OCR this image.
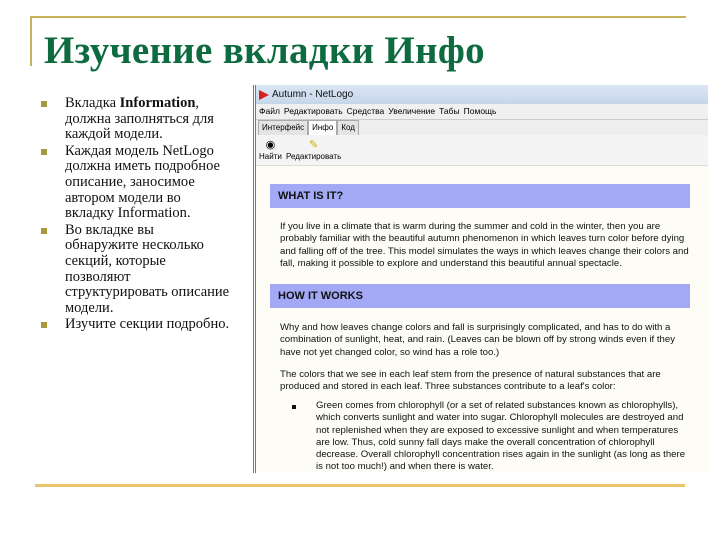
Изучение вкладки Инфо
Вкладка Information, должна заполняться для каждой модели.
Каждая модель NetLogo должна иметь подробное описание, заносимое автором модели во вкладку Information.
Во вкладке вы обнаружите несколько секций, которые позволяют структурировать описание модели.
Изучите секции подробно.
Autumn - NetLogo
Файл Редактировать Средства Увеличение Табы Помощь
Интерфейс Инфо Код
◉
Найти
✎
Редактировать
WHAT IS IT?
If you live in a climate that is warm during the summer and cold in the winter, then you are probably familiar with the beautiful autumn phenomenon in which leaves turn color before dying and falling off of the tree. This model simulates the ways in which leaves change their colors and fall, making it possible to explore and understand this beautiful annual spectacle.
HOW IT WORKS
Why and how leaves change colors and fall is surprisingly complicated, and has to do with a combination of sunlight, heat, and rain. (Leaves can be blown off by strong winds even if they have not yet changed color, so wind has a role too.)
The colors that we see in each leaf stem from the presence of natural substances that are produced and stored in each leaf. Three substances contribute to a leaf's color:
Green comes from chlorophyll (or a set of related substances known as chlorophylls), which converts sunlight and water into sugar. Chlorophyll molecules are destroyed and not replenished when they are exposed to excessive sunlight and when temperatures are low. Thus, cold sunny fall days make the overall concentration of chlorophyll decrease. Overall chlorophyll concentration rises again in the sunlight (as long as there is not too much!) and when there is water.
